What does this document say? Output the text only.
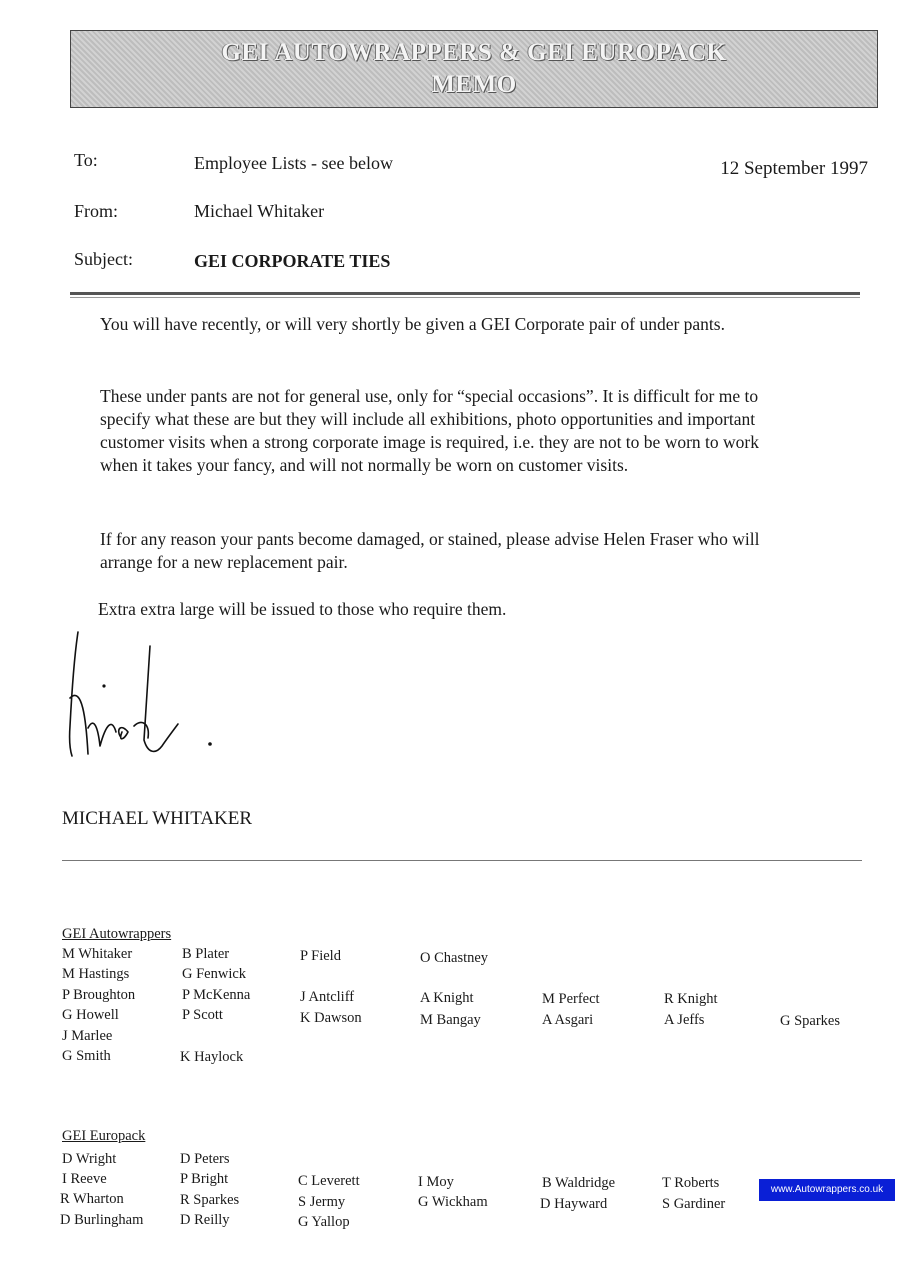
GEI AUTOWRAPPERS & GEI EUROPACK
MEMO
To:	Employee Lists - see below	12 September 1997
From:	Michael Whitaker
Subject:	GEI CORPORATE TIES

You will have recently, or will very shortly be given a GEI Corporate pair of under pants.

These under pants are not for general use, only for “special occasions”. It is difficult for me to specify what these are but they will include all exhibitions, photo opportunities and important customer visits when a strong corporate image is required, i.e. they are not to be worn to work when it takes your fancy, and will not normally be worn on customer visits.

If for any reason your pants become damaged, or stained, please advise Helen Fraser who will arrange for a new replacement pair.

Extra extra large will be issued to those who require them.

MICHAEL WHITAKER
GEI Autowrappers
M Whitaker	B Plater	P Field	O Chastney
M Hastings	G Fenwick
P Broughton	P McKenna	J Antcliff	A Knight	M Perfect	R Knight
G Howell	P Scott	K Dawson	M Bangay	A Asgari	A Jeffs	G Sparkes
J Marlee
G Smith	K Haylock
GEI Europack
D Wright	D Peters
I Reeve	P Bright	C Leverett	I Moy	B Waldridge	T Roberts
R Wharton	R Sparkes	S Jermy	G Wickham	D Hayward	S Gardiner
D Burlingham	D Reilly	G Yallop
www.Autowrappers.co.uk
